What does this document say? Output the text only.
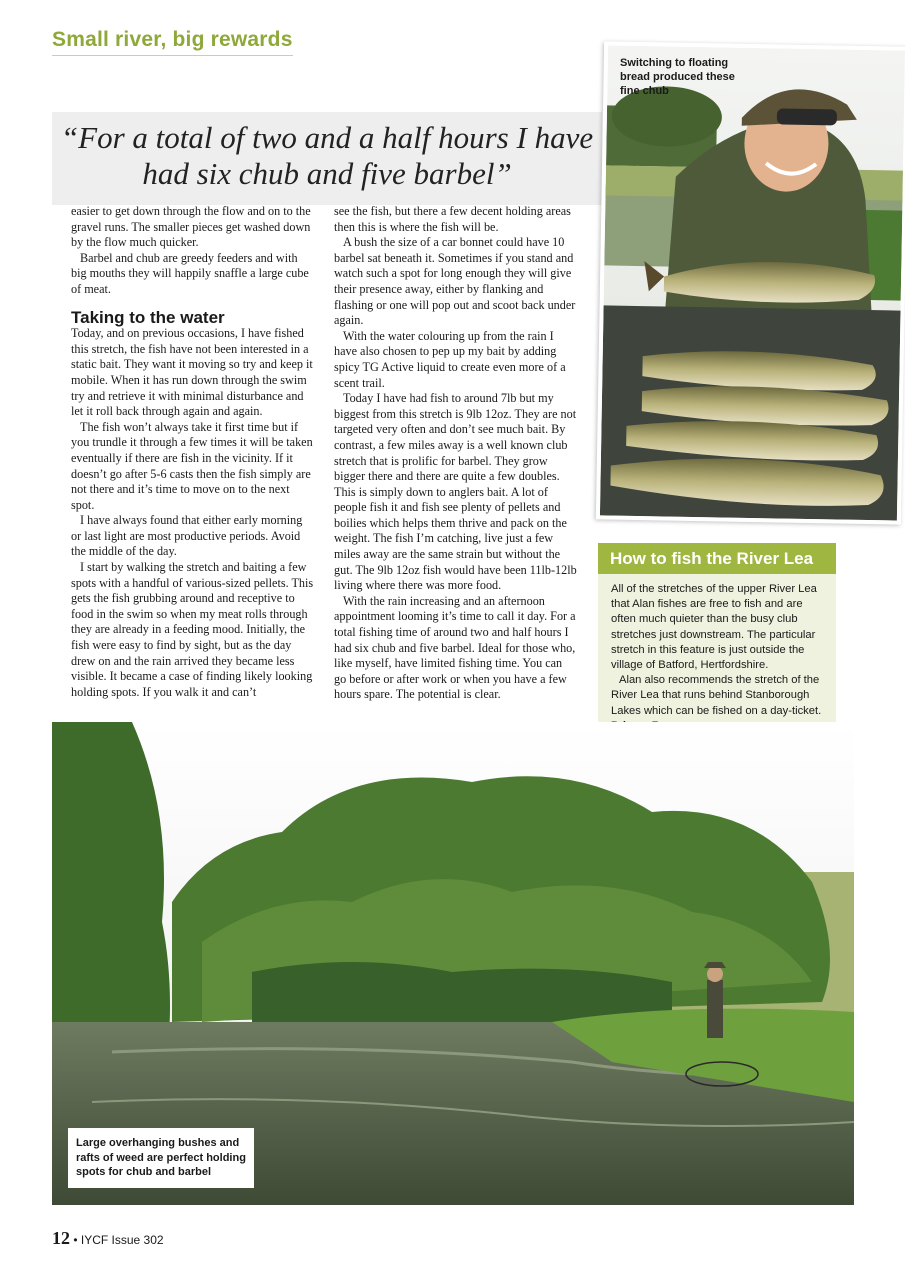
Small river, big rewards
“For a total of two and a half hours I have had six chub and five barbel”

easier to get down through the flow and on to the gravel runs. The smaller pieces get washed down by the flow much quicker.

Barbel and chub are greedy feeders and with big mouths they will happily snaffle a large cube of meat.

Taking to the water

Today, and on previous occasions, I have fished this stretch, the fish have not been interested in a static bait. They want it moving so try and keep it mobile. When it has run down through the swim try and retrieve it with minimal disturbance and let it roll back through again and again.

The fish won’t always take it first time but if you trundle it through a few times it will be taken eventually if there are fish in the vicinity. If it doesn’t go after 5-6 casts then the fish simply are not there and it’s time to move on to the next spot.

I have always found that either early morning or last light are most productive periods. Avoid the middle of the day.

I start by walking the stretch and baiting a few spots with a handful of various-sized pellets. This gets the fish grubbing around and receptive to food in the swim so when my meat rolls through they are already in a feeding mood. Initially, the fish were easy to find by sight, but as the day drew on and the rain arrived they became less visible. It became a case of finding likely looking holding spots. If you walk it and can’t

see the fish, but there a few decent holding areas then this is where the fish will be.

A bush the size of a car bonnet could have 10 barbel sat beneath it. Sometimes if you stand and watch such a spot for long enough they will give their presence away, either by flanking and flashing or one will pop out and scoot back under again.

With the water colouring up from the rain I have also chosen to pep up my bait by adding spicy TG Active liquid to create even more of a scent trail.

Today I have had fish to around 7lb but my biggest from this stretch is 9lb 12oz. They are not targeted very often and don’t see much bait. By contrast, a few miles away is a well known club stretch that is prolific for barbel. They grow bigger there and there are quite a few doubles. This is simply down to anglers bait. A lot of people fish it and fish see plenty of pellets and boilies which helps them thrive and pack on the weight. The fish I’m catching, live just a few miles away are the same strain but without the gut. The 9lb 12oz fish would have been 11lb-12lb living where there was more food.

With the rain increasing and an afternoon appointment looming it’s time to call it day. For a total fishing time of around two and half hours I had six chub and five barbel. Ideal for those who, like myself, have limited fishing time. You can go before or after work or when you have a few hours spare. The potential is clear.

Switching to floating bread produced these fine chub
How to fish the River Lea

All of the stretches of the upper River Lea that Alan fishes are free to fish and are often much quieter than the busy club stretches just downstream. The particular stretch in this feature is just outside the village of Batford, Hertfordshire.

Alan also recommends the stretch of the River Lea that runs behind Stanborough Lakes which can be fished on a day-ticket.

Large overhanging bushes and rafts of weed are perfect holding spots for chub and barbel
12 • IYCF Issue 302
